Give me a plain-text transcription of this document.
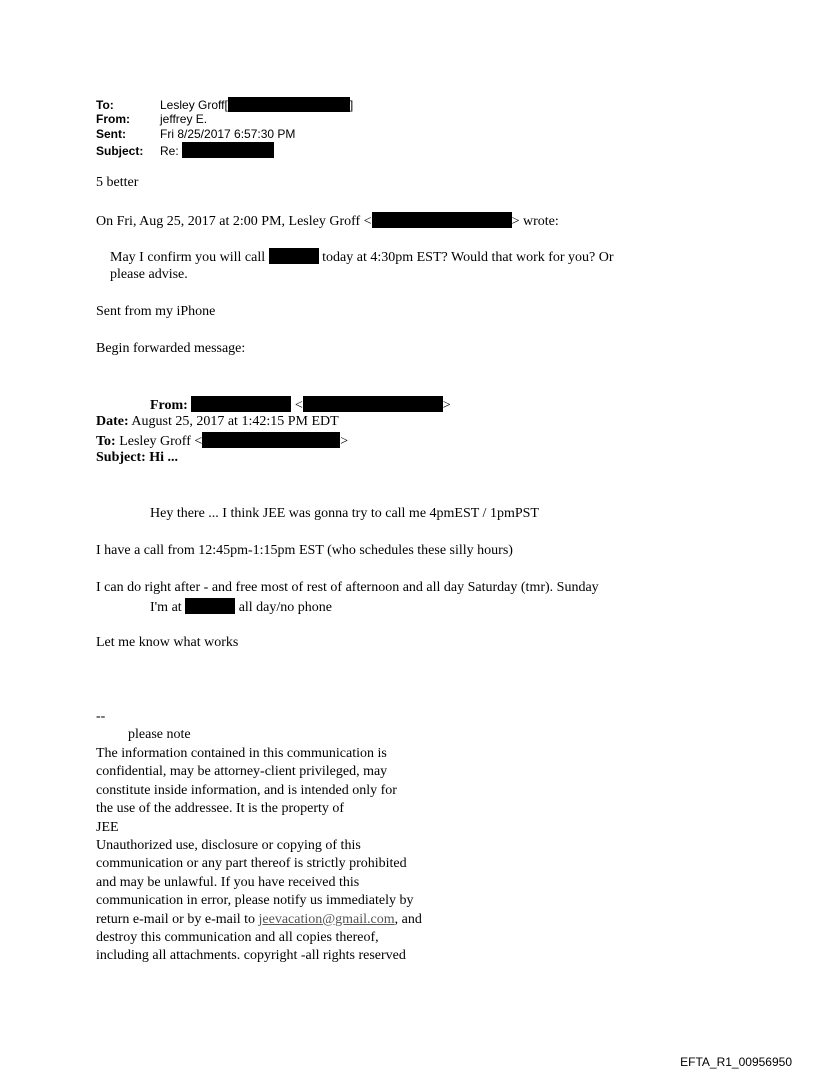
To:	Lesley Groff[	]
From:	jeffrey E.
Sent:	Fri 8/25/2017 6:57:30 PM
Subject: Re:
5 better
On Fri, Aug 25, 2017 at 2:00 PM, Lesley Groff <	> wrote:
May I confirm you will call	today at 4:30pm EST? Would that work for you? Or
please advise.
Sent from my iPhone
Begin forwarded message:
From:	<	>
Date: August 25, 2017 at 1:42:15 PM EDT
To: Lesley Groff <	>
Subject: Hi ...
Hey there ... I think JEE was gonna try to call me 4pmEST / 1pmPST
I have a call from 12:45pm-1:15pm EST (who schedules these silly hours)
I can do right after - and free most of rest of afternoon and all day Saturday (tmr). Sunday
I'm at	all day/no phone
Let me know what works
--
please note
The information contained in this communication is
confidential, may be attorney-client privileged, may
constitute inside information, and is intended only for
the use of the addressee. It is the property of
JEE
Unauthorized use, disclosure or copying of this
communication or any part thereof is strictly prohibited
and may be unlawful. If you have received this
communication in error, please notify us immediately by
return e-mail or by e-mail to jeevacation@gmail.com, and
destroy this communication and all copies thereof,
including all attachments. copyright -all rights reserved
EFTA_R1_00956950
